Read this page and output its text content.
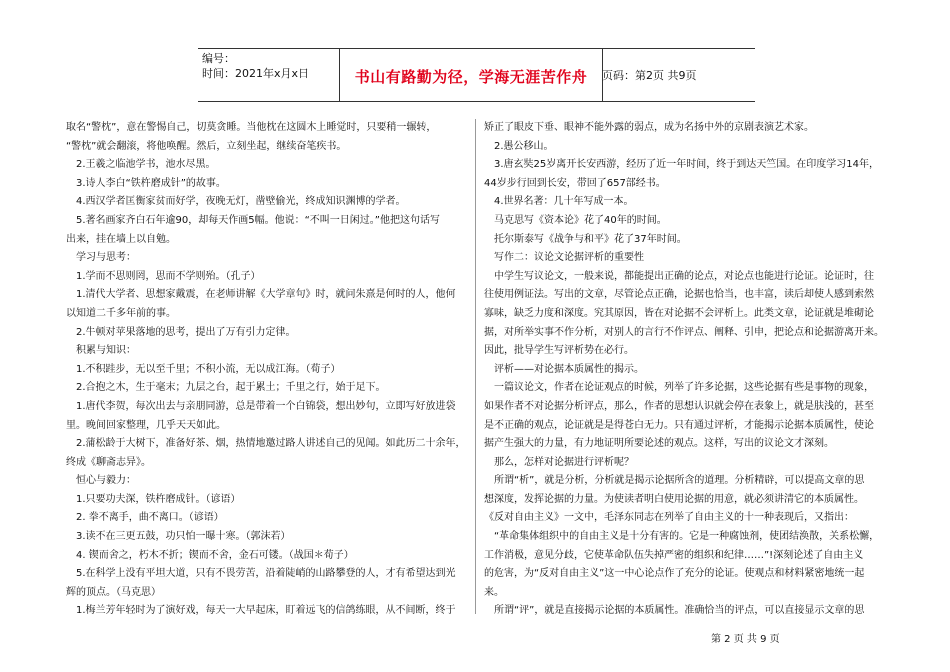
编号：
时间：2021年x月x日	书山有路勤为径，学海无涯苦作舟	页码：第2页 共9页
取名“警枕”，意在警惕自己，切莫贪睡。当他枕在这圆木上睡觉时，只要稍一辗转，
“警枕”就会翻滚，将他唤醒。然后，立刻坐起，继续奋笔疾书。
　2.王羲之临池学书，池水尽黑。
　3.诗人李白“铁杵磨成针”的故事。
　4.西汉学者匡衡家贫而好学，夜晚无灯，凿壁偷光，终成知识渊博的学者。
　5.著名画家齐白石年逾90，却每天作画5幅。他说：“不叫一日闲过。”他把这句话写
出来，挂在墙上以自勉。
　学习与思考：
　1.学而不思则罔，思而不学则殆。（孔子）
　1.清代大学者、思想家戴震，在老师讲解《大学章句》时，就问朱熹是何时的人，他何
以知道二千多年前的事。
　2.牛顿对苹果落地的思考，提出了万有引力定律。
　积累与知识：
　1.不积跬步，无以至千里；不积小流，无以成江海。（荀子）
　2.合抱之木，生于毫末；九层之台，起于累土；千里之行，始于足下。
　1.唐代李贺，每次出去与亲朋同游，总是带着一个白锦袋，想出妙句，立即写好放进袋
里。晚间回家整理，几乎天天如此。
　2.蒲松龄于大树下，准备好茶、烟，热情地邀过路人讲述自己的见闻。如此历二十余年，
终成《聊斋志异》。
　恒心与毅力：
　1.只要功夫深，铁杵磨成针。（谚语）
　2. 拳不离手，曲不离口。（谚语）
　3.读不在三更五鼓，功只怕一曝十寒。（郭沫若）
　4. 锲而舍之，朽木不折；锲而不舍，金石可镂。（战国＊荀子）
　5.在科学上没有平坦大道，只有不畏劳苦，沿着陡峭的山路攀登的人，才有希望达到光
辉的顶点。（马克思）
　1.梅兰芳年轻时为了演好戏，每天一大早起床，盯着远飞的信鸽练眼，从不间断，终于
矫正了眼皮下垂、眼神不能外露的弱点，成为名扬中外的京剧表演艺术家。
　2.愚公移山。
　3.唐玄奘25岁离开长安西游，经历了近一年时间，终于到达天竺国。在印度学习14年，
44岁步行回到长安，带回了657部经书。
　4.世界名著：几十年写成一本。
　马克思写《资本论》花了40年的时间。
　托尔斯泰写《战争与和平》花了37年时间。
　写作二：议论文论据评析的重要性
　中学生写议论文，一般来说，都能提出正确的论点，对论点也能进行论证。论证时，往
往使用例证法。写出的文章，尽管论点正确，论据也恰当，也丰富，读后却使人感到索然
寡味，缺乏力度和深度。究其原因，皆在对论据不会评析上。此类文章，论证就是堆砌论
据，对所举实事不作分析，对别人的言行不作评点、阐释、引申，把论点和论据游离开来。
因此，批导学生写评析势在必行。
　评析——对论据本质属性的揭示。
　一篇议论文，作者在论证观点的时候，列举了许多论据，这些论据有些是事物的现象，
如果作者不对论据分析评点，那么，作者的思想认识就会停在表象上，就是肤浅的，甚至
是不正确的观点，论证就是是得苍白无力。只有通过评析，才能揭示论据本质属性，使论
据产生强大的力量，有力地证明所要论述的观点。这样，写出的议论文才深刻。
　那么，怎样对论据进行评析呢？
　所谓“析”，就是分析，分析就是揭示论据所含的道理。分析精辟，可以提高文章的思
想深度，发挥论据的力量。为使读者明白使用论据的用意，就必须讲清它的本质属性。
《反对自由主义》一文中，毛泽东同志在列举了自由主义的十一种表现后，又指出：
　“革命集体组织中的自由主义是十分有害的。它是一种腐蚀剂，使团结涣散，关系松懈，
工作消极，意见分歧，它使革命队伍失掉严密的组织和纪律……”!深刻论述了自由主义
的危害，为“反对自由主义”这一中心论点作了充分的论证。使观点和材料紧密地统一起
来。
　所谓“评”，就是直接揭示论据的本质属性。准确恰当的评点，可以直接显示文章的思
第 2 页 共 9 页
